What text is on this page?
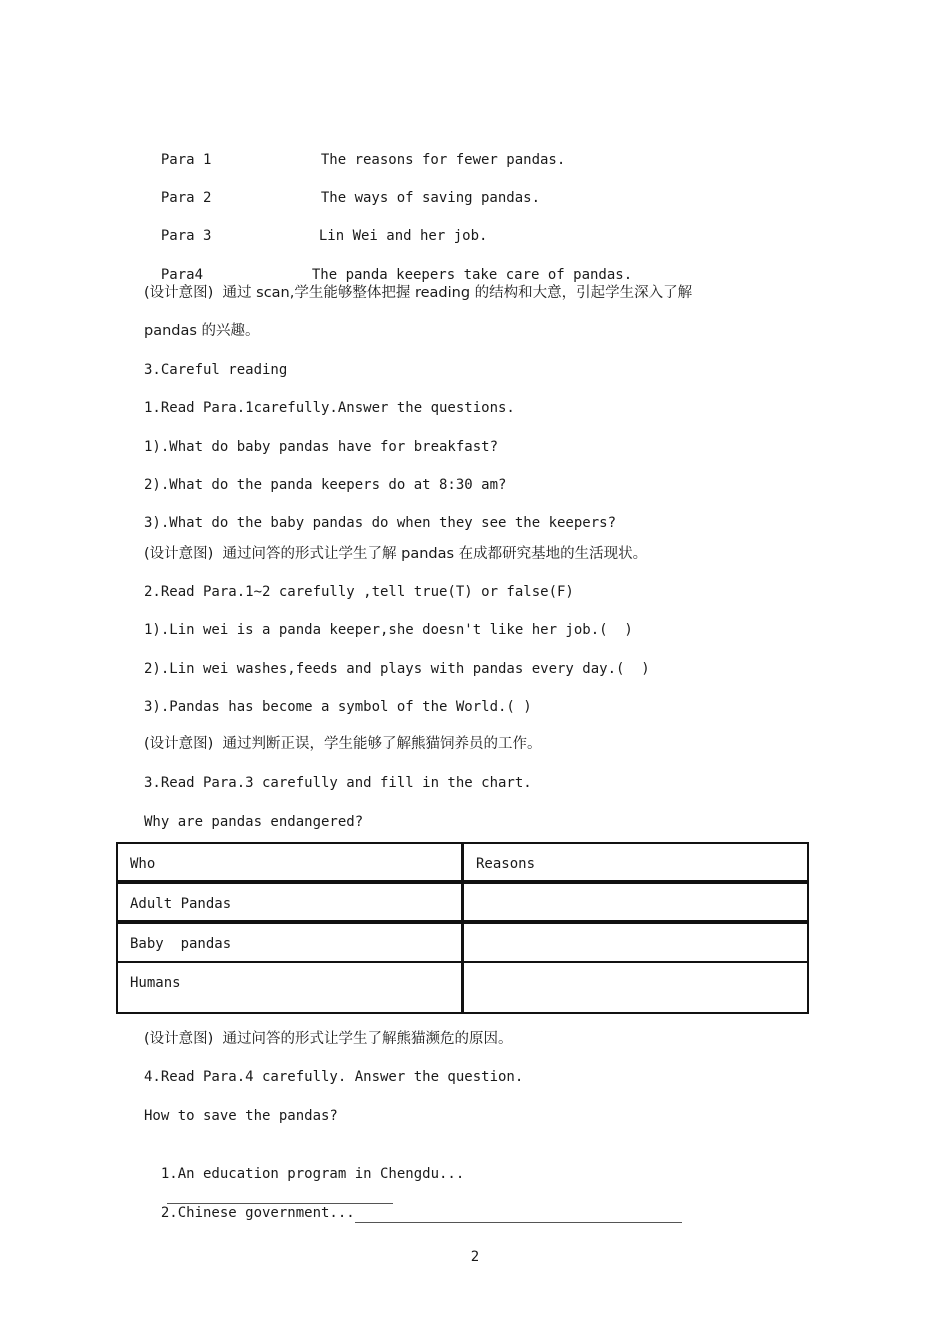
Para 1	The reasons for fewer pandas.

Para 2	The ways of saving pandas.

Para 3	Lin Wei and her job.

Para4	The panda keepers take care of pandas.

(设计意图)  通过 scan,学生能够整体把握 reading 的结构和大意，引起学生深入了解
pandas 的兴趣。
3.Careful reading
1.Read Para.1carefully.Answer the questions.
1).What do baby pandas have for breakfast?
2).What do the panda keepers do at 8:30 am?
3).What do the baby pandas do when they see the keepers?
(设计意图)  通过问答的形式让学生了解 pandas 在成都研究基地的生活现状。
2.Read Para.1~2 carefully ,tell true(T) or false(F)
1).Lin wei is a panda keeper,she doesn't like her job.(  )
2).Lin wei washes,feeds and plays with pandas every day.(  )
3).Pandas has become a symbol of the World.( )
(设计意图)  通过判断正误，学生能够了解熊猫饲养员的工作。
3.Read Para.3 carefully and fill in the chart.
Why are pandas endangered?
Who	Reasons
Adult Pandas
Baby  pandas
Humans
(设计意图)  通过问答的形式让学生了解熊猫濒危的原因。
4.Read Para.4 carefully. Answer the question.
How to save the pandas?

1.An education program in Chengdu...

2.Chinese government...

2
